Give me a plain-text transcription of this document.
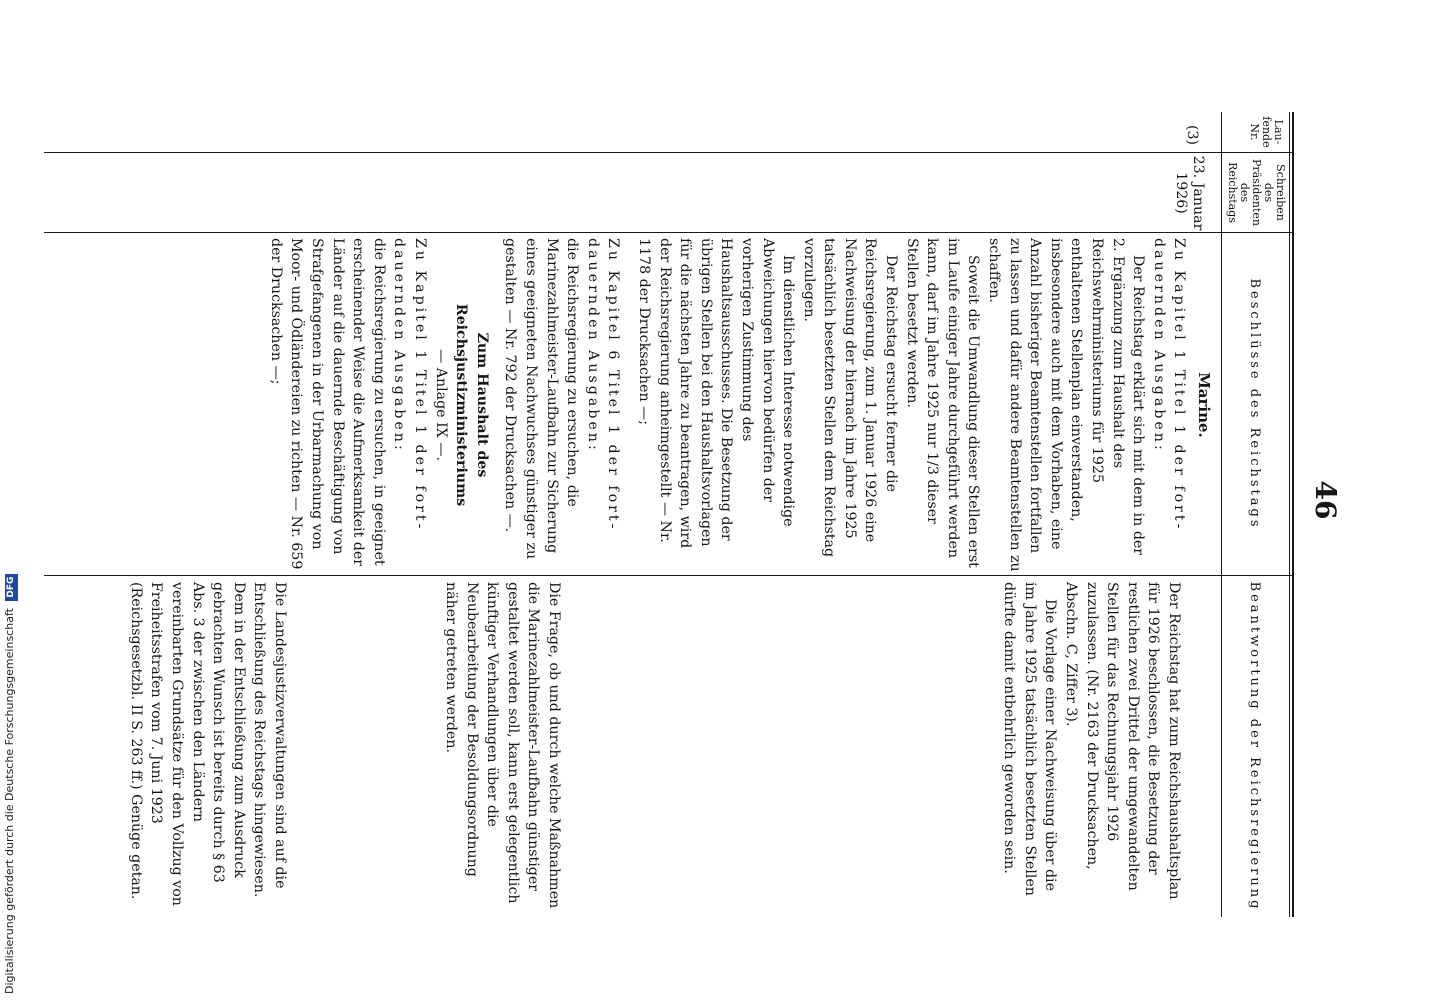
46
Lau-
fende
Nr.
Schreiben
des
Präsidenten
des
Reichstags
Beschlüsse des Reichstags
Beantwortung der Reichsregierung
(3)
23. Januar
1926)
Marine.

Zu Kapitel 1 Titel 1 der fort-

dauernden Ausgaben:

Der Reichstag erklärt sich mit dem in der 2. Ergänzung zum Haushalt des Reichswehrministeriums für 1925 enthaltenen Stellenplan einverstanden, insbesondere auch mit dem Vorhaben, eine Anzahl bisheriger Beamtenstellen fortfallen zu lassen und dafür andere Beamtenstellen zu schaffen.

Soweit die Umwandlung dieser Stellen erst im Laufe einiger Jahre durchgeführt werden kann, darf im Jahre 1925 nur 1/3 dieser Stellen besetzt werden.

Der Reichstag ersucht ferner die Reichsregierung, zum 1. Januar 1926 eine Nachweisung der hiernach im Jahre 1925 tatsächlich besetzten Stellen dem Reichstag vorzulegen.

Im dienstlichen Interesse notwendige Abweichungen hiervon bedürfen der vorherigen Zustimmung des Haushaltsausschusses. Die Besetzung der übrigen Stellen bei den Haushaltsvorlagen für die nächsten Jahre zu beantragen, wird der Reichsregierung anheimgestellt — Nr. 1178 der Drucksachen —;

Zu Kapitel 6 Titel 1 der fort-

dauernden Ausgaben:

die Reichsregierung zu ersuchen, die Marinezahlmeister-Laufbahn zur Sicherung eines geeigneten Nachwuchses günstiger zu gestalten — Nr. 792 der Drucksachen —.

Zum Haushalt des Reichsjustizministeriums

— Anlage IX —.

Zu Kapitel 1 Titel 1 der fort-

dauernden Ausgaben:

die Reichsregierung zu ersuchen, in geeignet erscheinender Weise die Aufmerksamkeit der Länder auf die dauernde Beschäftigung von Strafgefangenen in der Urbarmachung von Moor- und Ödländereien zu richten — Nr. 659 der Drucksachen —;

Der Reichstag hat zum Reichshaushaltsplan für 1926 beschlossen, die Besetzung der restlichen zwei Drittel der umgewandelten Stellen für das Rechnungsjahr 1926 zuzulassen. (Nr. 2163 der Drucksachen, Abschn. C, Ziffer 3).

Die Vorlage einer Nachweisung über die im Jahre 1925 tatsächlich besetzten Stellen dürfte damit entbehrlich geworden sein.

Die Frage, ob und durch welche Maßnahmen die Marinezahlmeister-Laufbahn günstiger gestaltet werden soll, kann erst gelegentlich künftiger Verhandlungen über die Neubearbeitung der Besoldungsordnung näher getreten werden.

Die Landesjustizverwaltungen sind auf die Entschließung des Reichstags hingewiesen. Dem in der Entschließung zum Ausdruck gebrachten Wunsch ist bereits durch § 63 Abs. 3 der zwischen den Ländern vereinbarten Grundsätze für den Vollzug von Freiheitsstrafen vom 7. Juni 1923 (Reichsgesetzbl. II S. 263 ff.) Genüge getan.

Digitalisierung gefördert durch die Deutsche Forschungsgemeinschaft DFG
